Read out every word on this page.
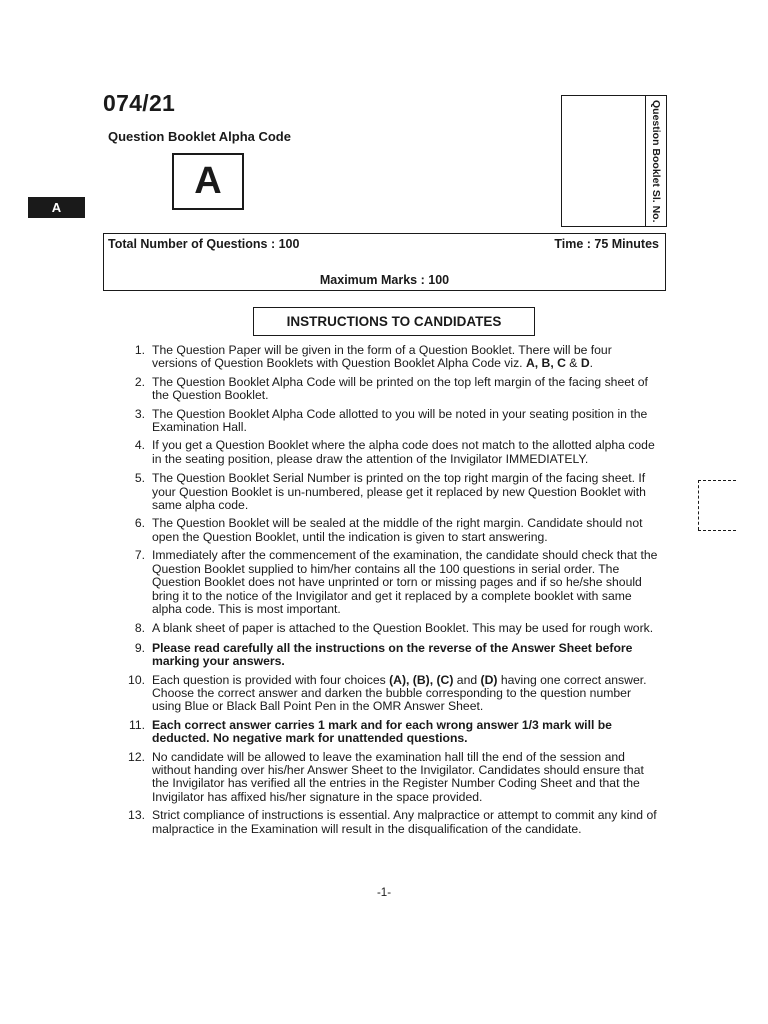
074/21
Question Booklet Alpha Code
A
A	Question Booklet Sl. No.
Total Number of Questions : 100	Time : 75 Minutes
Maximum Marks : 100
INSTRUCTIONS TO CANDIDATES
1. The Question Paper will be given in the form of a Question Booklet. There will be four versions of Question Booklets with Question Booklet Alpha Code viz. A, B, C & D.
2. The Question Booklet Alpha Code will be printed on the top left margin of the facing sheet of the Question Booklet.
3. The Question Booklet Alpha Code allotted to you will be noted in your seating position in the Examination Hall.
4. If you get a Question Booklet where the alpha code does not match to the allotted alpha code in the seating position, please draw the attention of the Invigilator IMMEDIATELY.
5. The Question Booklet Serial Number is printed on the top right margin of the facing sheet. If your Question Booklet is un-numbered, please get it replaced by new Question Booklet with same alpha code.
6. The Question Booklet will be sealed at the middle of the right margin. Candidate should not open the Question Booklet, until the indication is given to start answering.
7. Immediately after the commencement of the examination, the candidate should check that the Question Booklet supplied to him/her contains all the 100 questions in serial order. The Question Booklet does not have unprinted or torn or missing pages and if so he/she should bring it to the notice of the Invigilator and get it replaced by a complete booklet with same alpha code. This is most important.
8. A blank sheet of paper is attached to the Question Booklet. This may be used for rough work.
9. Please read carefully all the instructions on the reverse of the Answer Sheet before marking your answers.
10. Each question is provided with four choices (A), (B), (C) and (D) having one correct answer. Choose the correct answer and darken the bubble corresponding to the question number using Blue or Black Ball Point Pen in the OMR Answer Sheet.
11. Each correct answer carries 1 mark and for each wrong answer 1/3 mark will be deducted. No negative mark for unattended questions.
12. No candidate will be allowed to leave the examination hall till the end of the session and without handing over his/her Answer Sheet to the Invigilator. Candidates should ensure that the Invigilator has verified all the entries in the Register Number Coding Sheet and that the Invigilator has affixed his/her signature in the space provided.
13. Strict compliance of instructions is essential. Any malpractice or attempt to commit any kind of malpractice in the Examination will result in the disqualification of the candidate.
-1-
